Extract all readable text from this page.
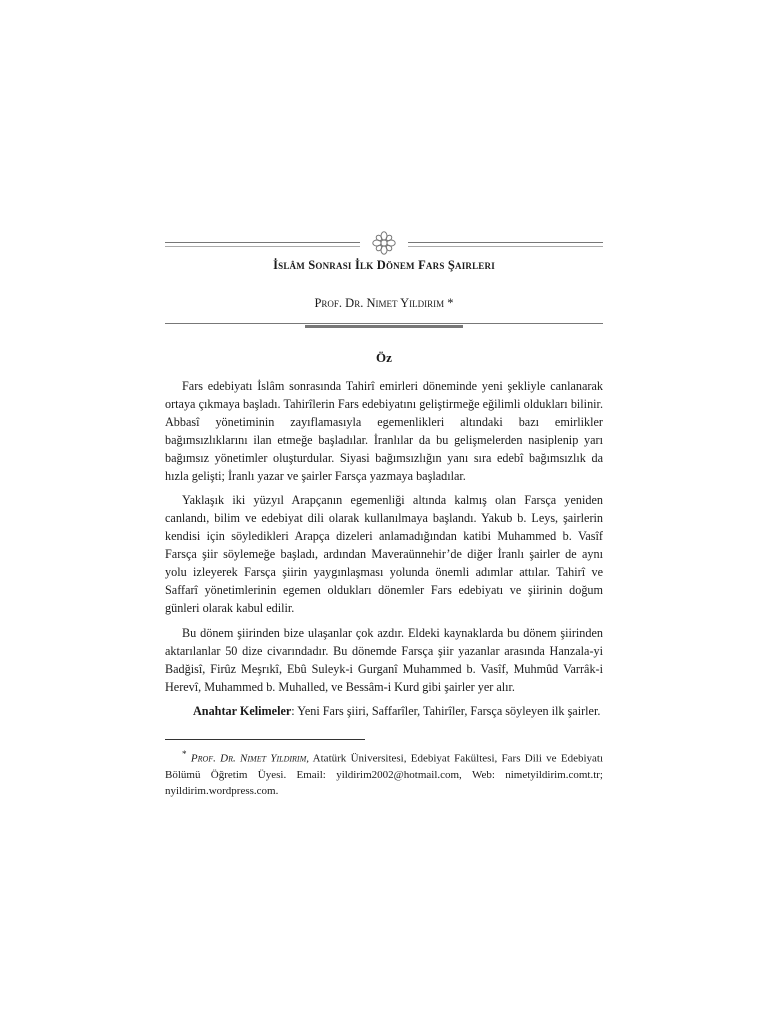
İslâm Sonrası İlk Dönem Fars Şairleri
Prof. Dr. Nimet Yıldırım *
Öz

Fars edebiyatı İslâm sonrasında Tahirî emirleri döneminde yeni şekliyle canlanarak ortaya çıkmaya başladı. Tahirîlerin Fars edebiyatını geliştirmeğe eğilimli oldukları bilinir. Abbasî yönetiminin zayıflamasıyla egemenlikleri altındaki bazı emirlikler bağımsızlıklarını ilan etmeğe başladılar. İranlılar da bu gelişmelerden nasiplenip yarı bağımsız yönetimler oluşturdular. Siyasi bağımsızlığın yanı sıra edebî bağımsızlık da hızla gelişti; İranlı yazar ve şairler Farsça yazmaya başladılar.

Yaklaşık iki yüzyıl Arapçanın egemenliği altında kalmış olan Farsça yeniden canlandı, bilim ve edebiyat dili olarak kullanılmaya başlandı. Yakub b. Leys, şairlerin kendisi için söyledikleri Arapça dizeleri anlamadığından katibi Muhammed b. Vasîf Farsça şiir söylemeğe başladı, ardından Maveraünnehir’de diğer İranlı şairler de aynı yolu izleyerek Farsça şiirin yaygınlaşması yolunda önemli adımlar attılar. Tahirî ve Saffarî yönetimlerinin egemen oldukları dönemler Fars edebiyatı ve şiirinin doğum günleri olarak kabul edilir.

Bu dönem şiirinden bize ulaşanlar çok azdır. Eldeki kaynaklarda bu dönem şiirinden aktarılanlar 50 dize civarındadır. Bu dönemde Farsça şiir yazanlar arasında Hanzala-yi Badğisî, Firûz Meşrıkî, Ebû Suleyk-i Gurganî Muhammed b. Vasîf, Muhmûd Varrâk-i Herevî, Muhammed b. Muhalled, ve Bessâm-i Kurd gibi şairler yer alır.

Anahtar Kelimeler: Yeni Fars şiiri, Saffarîler, Tahirîler, Farsça söyleyen ilk şairler.

* Prof. Dr. Nimet Yıldırım, Atatürk Üniversitesi, Edebiyat Fakültesi, Fars Dili ve Edebiyatı Bölümü Öğretim Üyesi. Email: yildirim2002@hotmail.com, Web: nimetyildirim.comt.tr; nyildirim.wordpress.com.
